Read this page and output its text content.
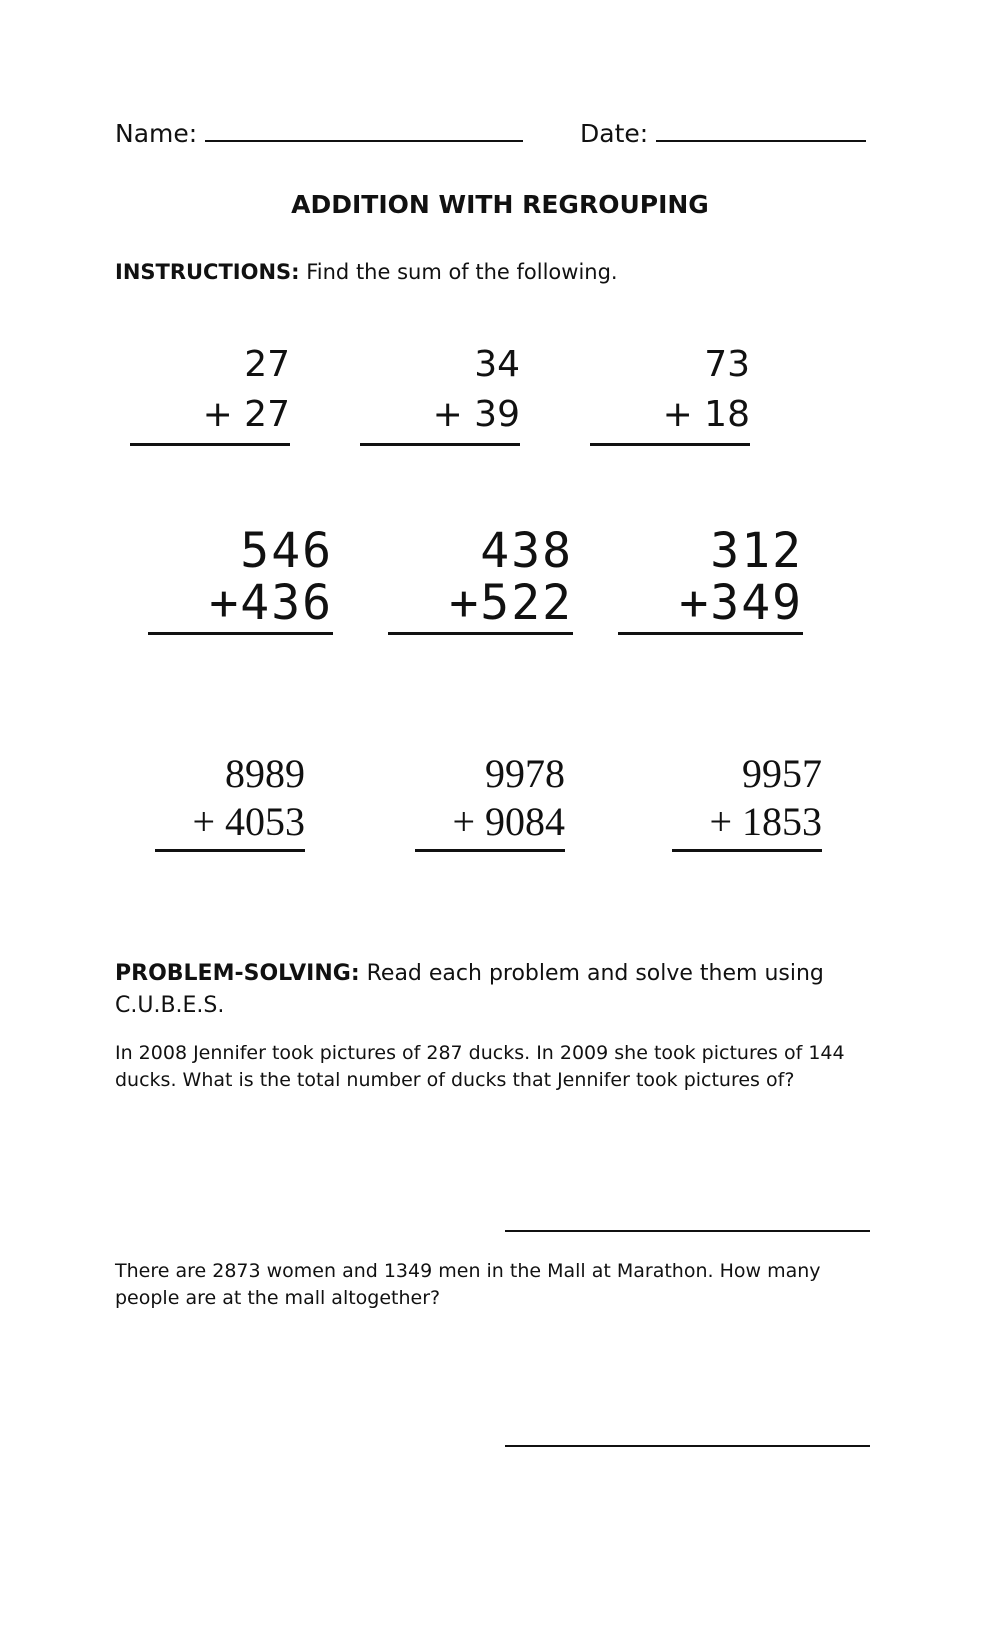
Name:	Date:
ADDITION WITH REGROUPING
INSTRUCTIONS: Find the sum of the following.
27
+ 27
34
+ 39
73
+ 18
546
+436
438
+522
312
+349
8989
+ 4053
9978
+ 9084
9957
+ 1853
PROBLEM-SOLVING: Read each problem and solve them using C.U.B.E.S.
In 2008 Jennifer took pictures of 287 ducks. In 2009 she took pictures of 144 ducks. What is the total number of ducks that Jennifer took pictures of?
There are 2873 women and 1349 men in the Mall at Marathon. How many people are at the mall altogether?
